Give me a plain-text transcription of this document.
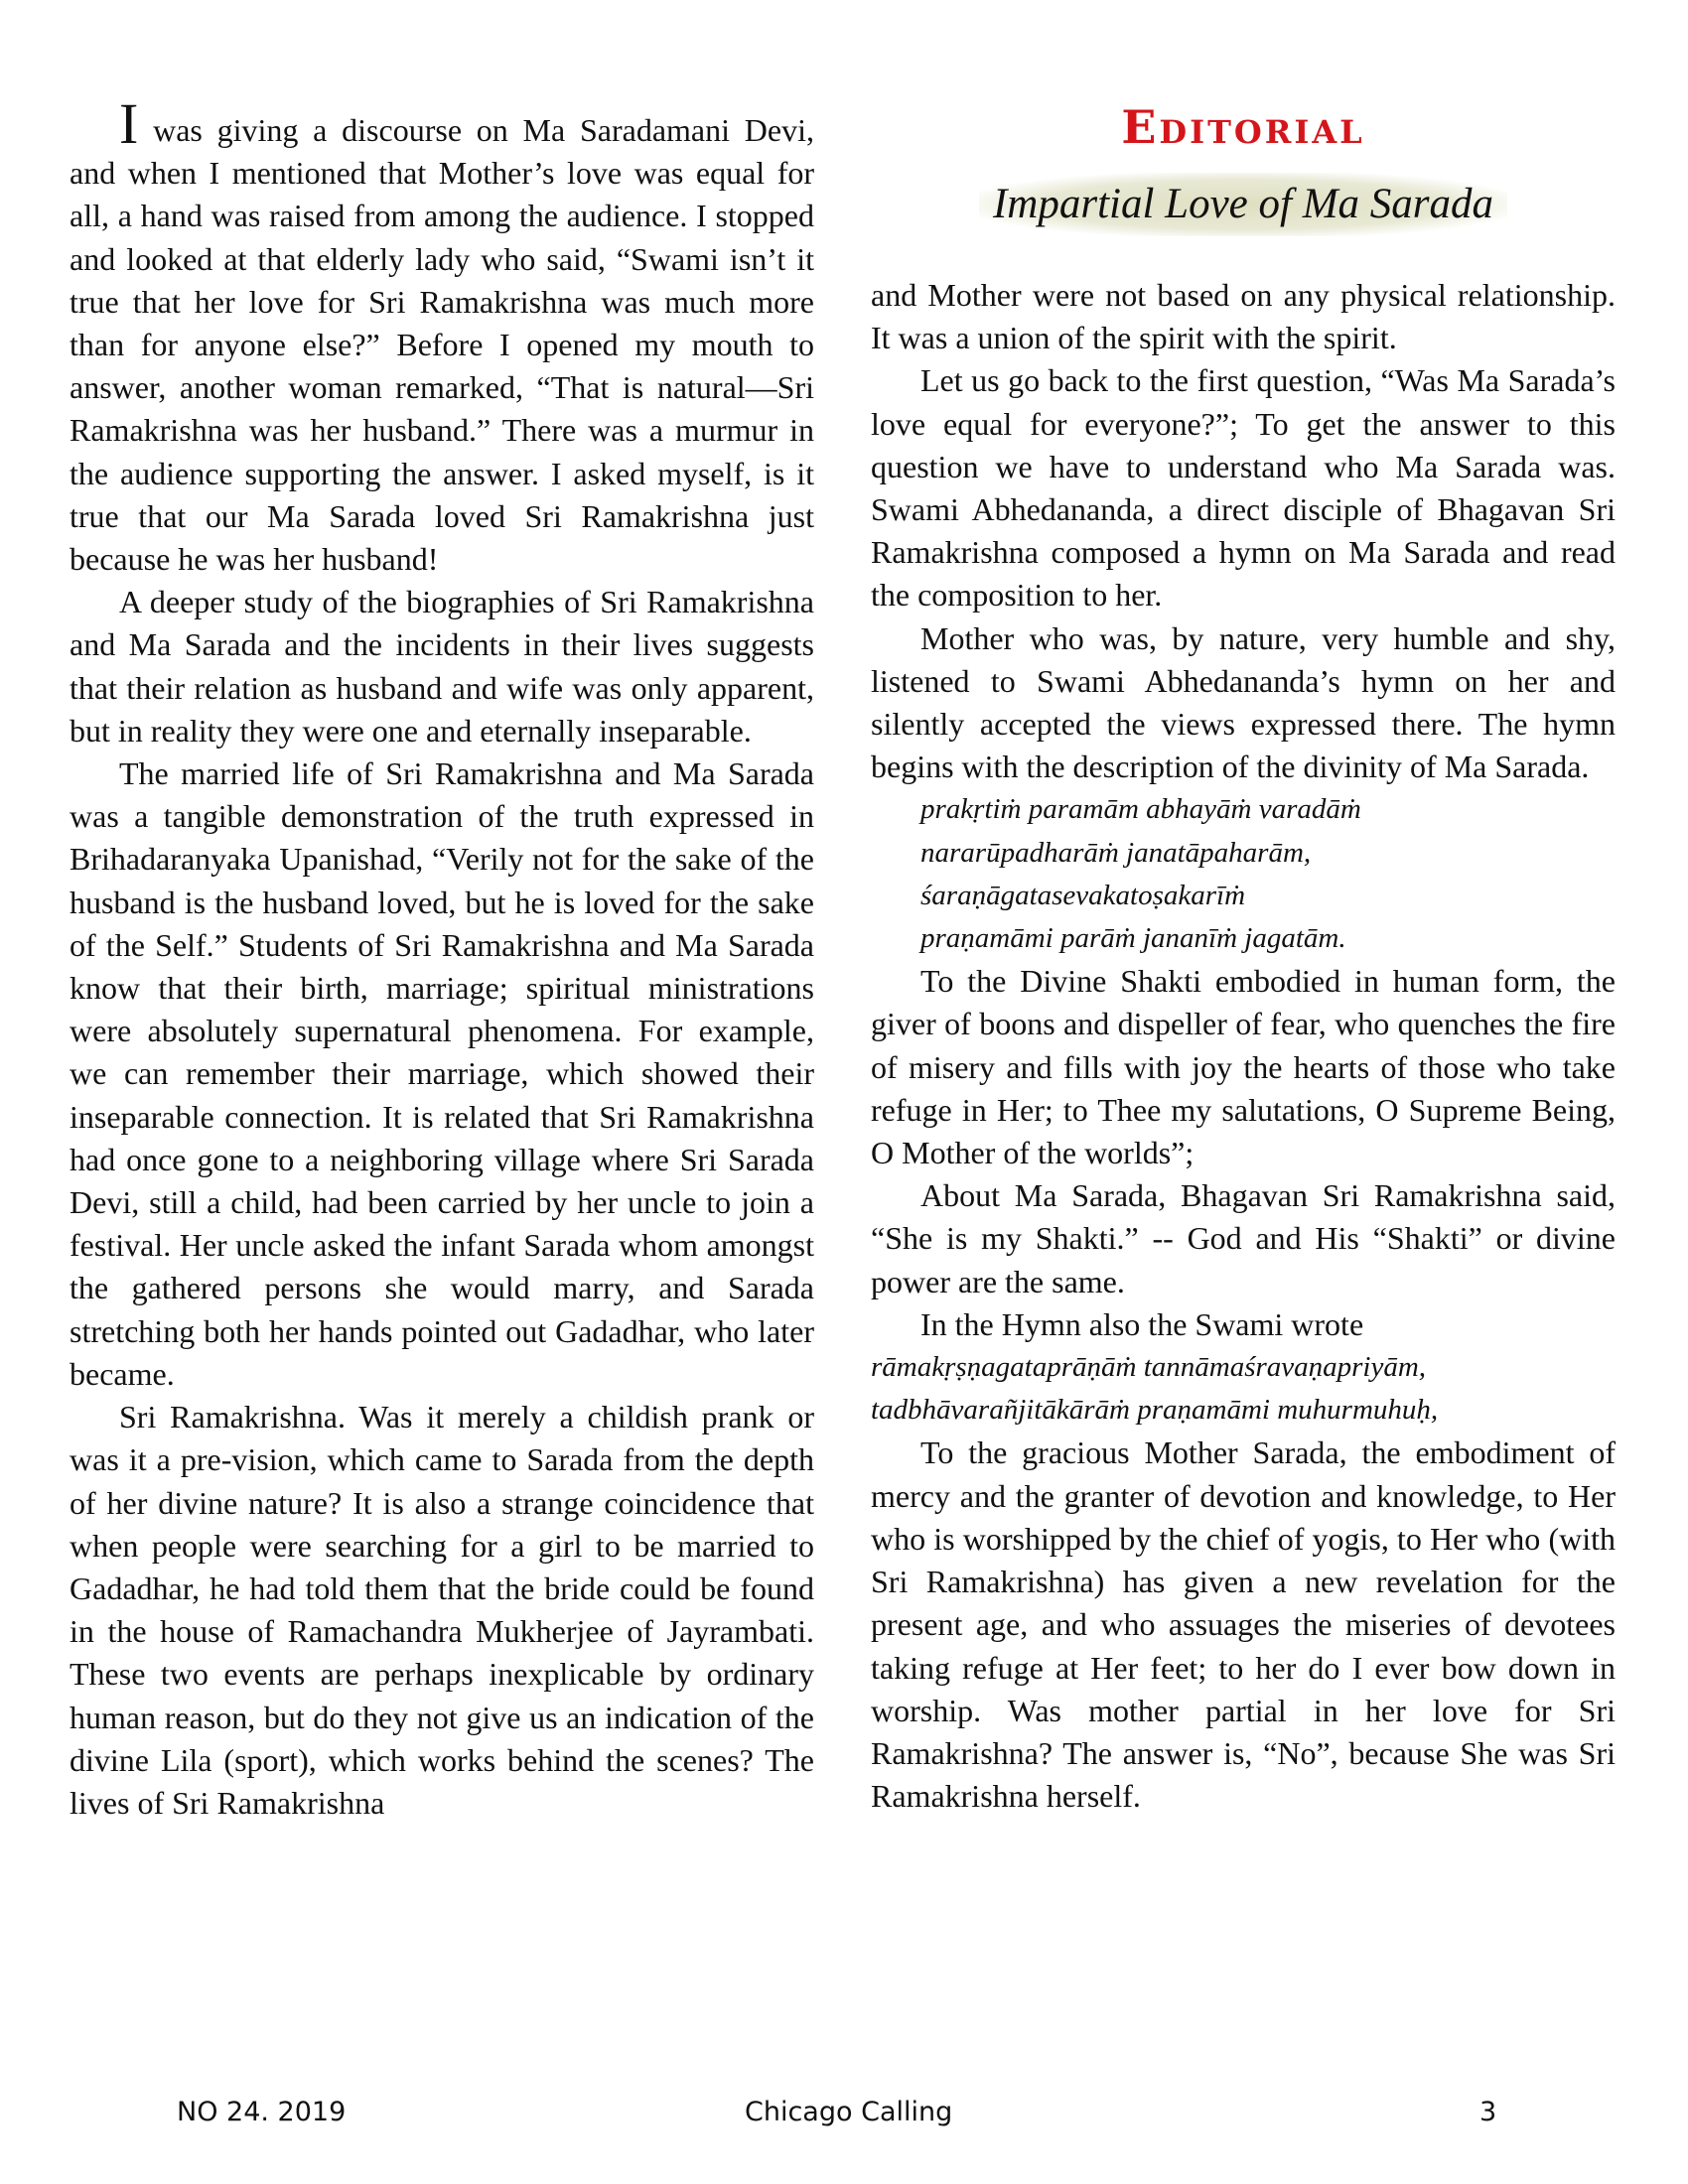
I was giving a discourse on Ma Saradamani Devi, and when I mentioned that Mother’s love was equal for all, a hand was raised from among the audience. I stopped and looked at that elderly lady who said, “Swami isn’t it true that her love for Sri Ramakrishna was much more than for anyone else?” Before I opened my mouth to answer, another woman remarked, “That is natural—Sri Ramakrishna was her husband.” There was a murmur in the audience supporting the answer. I asked myself, is it true that our Ma Sarada loved Sri Ramakrishna just because he was her husband!

A deeper study of the biographies of Sri Ramakrishna and Ma Sarada and the incidents in their lives suggests that their relation as husband and wife was only apparent, but in reality they were one and eternally inseparable.

The married life of Sri Ramakrishna and Ma Sarada was a tangible demonstration of the truth expressed in Brihadaranyaka Upanishad, “Verily not for the sake of the husband is the husband loved, but he is loved for the sake of the Self.” Students of Sri Ramakrishna and Ma Sarada know that their birth, marriage; spiritual ministrations were absolutely supernatural phenomena. For example, we can remember their marriage, which showed their inseparable connection. It is related that Sri Ramakrishna had once gone to a neighboring village where Sri Sarada Devi, still a child, had been carried by her uncle to join a festival. Her uncle asked the infant Sarada whom amongst the gathered persons she would marry, and Sarada stretching both her hands pointed out Gadadhar, who later became.

Sri Ramakrishna. Was it merely a childish prank or was it a pre-vision, which came to Sarada from the depth of her divine nature? It is also a strange coincidence that when people were searching for a girl to be married to Gadadhar, he had told them that the bride could be found in the house of Ramachandra Mukherjee of Jayrambati. These two events are perhaps inexplicable by ordinary human reason, but do they not give us an indication of the divine Lila (sport), which works behind the scenes? The lives of Sri Ramakrishna

Editorial
Impartial Love of Ma Sarada

and Mother were not based on any physical relationship. It was a union of the spirit with the spirit.

Let us go back to the first question, “Was Ma Sarada’s love equal for everyone?”; To get the answer to this question we have to understand who Ma Sarada was. Swami Abhedananda, a direct disciple of Bhagavan Sri Ramakrishna composed a hymn on Ma Sarada and read the composition to her.

Mother who was, by nature, very humble and shy, listened to Swami Abhedananda’s hymn on her and silently accepted the views expressed there. The hymn begins with the description of the divinity of Ma Sarada.

prakṛtiṁ paramām abhayāṁ varadāṁ
nararūpadharāṁ janatāpaharām,
śaraṇāgatasevakatoṣakarīṁ
praṇamāmi parāṁ jananīṁ jagatām.

To the Divine Shakti embodied in human form, the giver of boons and dispeller of fear, who quenches the fire of misery and fills with joy the hearts of those who take refuge in Her; to Thee my salutations, O Supreme Being, O Mother of the worlds”;

About Ma Sarada, Bhagavan Sri Ramakrishna said, “She is my Shakti.” -- God and His “Shakti” or divine power are the same.

In the Hymn also the Swami wrote

rāmakṛṣṇagataprāṇāṁ tannāmaśravaṇapriyām,
tadbhāvarañjitākārāṁ praṇamāmi muhurmuhuḥ,

To the gracious Mother Sarada, the embodiment of mercy and the granter of devotion and knowledge, to Her who is worshipped by the chief of yogis, to Her who (with Sri Ramakrishna) has given a new revelation for the present age, and who assuages the miseries of devotees taking refuge at Her feet; to her do I ever bow down in worship. Was mother partial in her love for Sri Ramakrishna? The answer is, “No”, because She was Sri Ramakrishna herself.

NO 24. 2019	Chicago Calling	3
